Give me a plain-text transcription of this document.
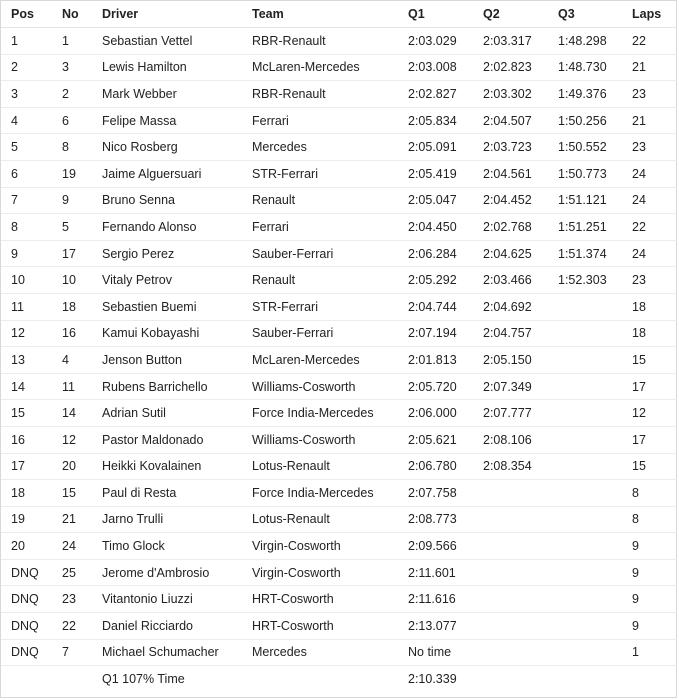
Pos	No	Driver	Team	Q1	Q2	Q3	Laps
1	1	Sebastian Vettel	RBR-Renault	2:03.029	2:03.317	1:48.298	22
2	3	Lewis Hamilton	McLaren-Mercedes	2:03.008	2:02.823	1:48.730	21
3	2	Mark Webber	RBR-Renault	2:02.827	2:03.302	1:49.376	23
4	6	Felipe Massa	Ferrari	2:05.834	2:04.507	1:50.256	21
5	8	Nico Rosberg	Mercedes	2:05.091	2:03.723	1:50.552	23
6	19	Jaime Alguersuari	STR-Ferrari	2:05.419	2:04.561	1:50.773	24
7	9	Bruno Senna	Renault	2:05.047	2:04.452	1:51.121	24
8	5	Fernando Alonso	Ferrari	2:04.450	2:02.768	1:51.251	22
9	17	Sergio Perez	Sauber-Ferrari	2:06.284	2:04.625	1:51.374	24
10	10	Vitaly Petrov	Renault	2:05.292	2:03.466	1:52.303	23
11	18	Sebastien Buemi	STR-Ferrari	2:04.744	2:04.692		18
12	16	Kamui Kobayashi	Sauber-Ferrari	2:07.194	2:04.757		18
13	4	Jenson Button	McLaren-Mercedes	2:01.813	2:05.150		15
14	11	Rubens Barrichello	Williams-Cosworth	2:05.720	2:07.349		17
15	14	Adrian Sutil	Force India-Mercedes	2:06.000	2:07.777		12
16	12	Pastor Maldonado	Williams-Cosworth	2:05.621	2:08.106		17
17	20	Heikki Kovalainen	Lotus-Renault	2:06.780	2:08.354		15
18	15	Paul di Resta	Force India-Mercedes	2:07.758			8
19	21	Jarno Trulli	Lotus-Renault	2:08.773			8
20	24	Timo Glock	Virgin-Cosworth	2:09.566			9
DNQ	25	Jerome d'Ambrosio	Virgin-Cosworth	2:11.601			9
DNQ	23	Vitantonio Liuzzi	HRT-Cosworth	2:11.616			9
DNQ	22	Daniel Ricciardo	HRT-Cosworth	2:13.077			9
DNQ	7	Michael Schumacher	Mercedes	No time			1
		Q1 107% Time		2:10.339			
